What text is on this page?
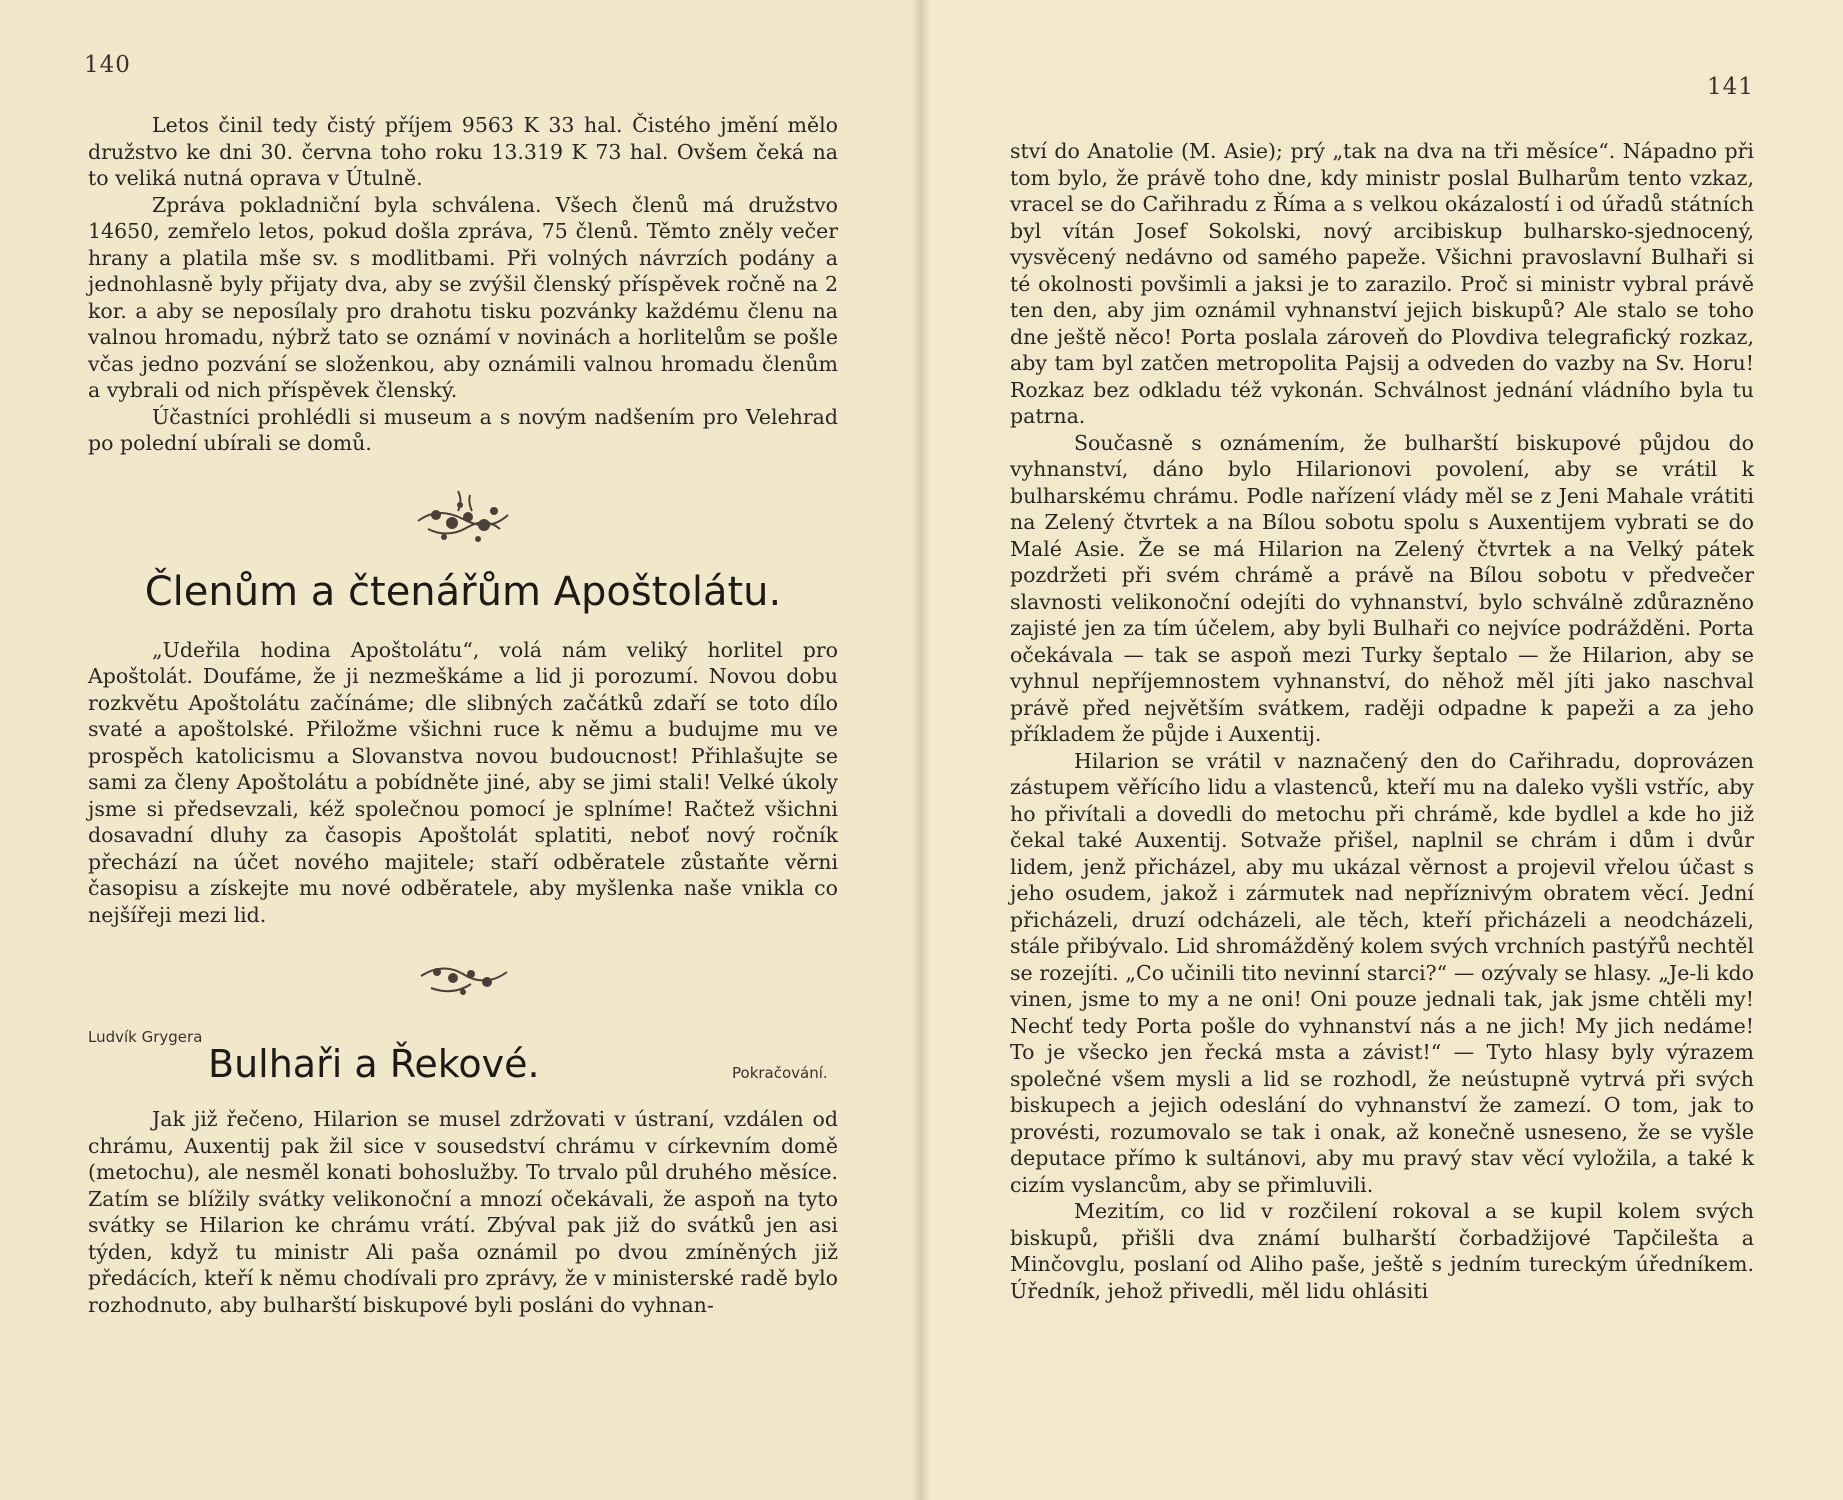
140
141

Letos činil tedy čistý příjem 9563 K 33 hal. Čistého jmění mělo družstvo ke dni 30. června toho roku 13.319 K 73 hal. Ovšem čeká na to veliká nutná oprava v Útulně.

Zpráva pokladniční byla schválena. Všech členů má družstvo 14650, zemřelo letos, pokud došla zpráva, 75 členů. Těmto zněly večer hrany a platila mše sv. s modlitbami. Při volných návrzích podány a jednohlasně byly přijaty dva, aby se zvýšil členský příspěvek ročně na 2 kor. a aby se neposílaly pro drahotu tisku pozvánky každému členu na valnou hromadu, nýbrž tato se oznámí v novinách a horlitelům se pošle včas jedno pozvání se složenkou, aby oznámili valnou hromadu členům a vybrali od nich příspěvek členský.

Účastníci prohlédli si museum a s novým nadšením pro Velehrad po polední ubírali se domů.

Členům a čtenářům Apoštolátu.

„Udeřila hodina Apoštolátu“, volá nám veliký horlitel pro Apoštolát. Doufáme, že ji nezmeškáme a lid ji porozumí. Novou dobu rozkvětu Apoštolátu začínáme; dle slibných začátků zdaří se toto dílo svaté a apoštolské. Přiložme všichni ruce k němu a budujme mu ve prospěch katolicismu a Slovanstva novou budoucnost! Přihlašujte se sami za členy Apoštolátu a pobídněte jiné, aby se jimi stali! Velké úkoly jsme si předsevzali, kéž společnou pomocí je splníme! Račtež všichni dosavadní dluhy za časopis Apoštolát splatiti, neboť nový ročník přechází na účet nového majitele; staří odběratele zůstaňte věrni časopisu a získejte mu nové odběratele, aby myšlenka naše vnikla co nejšířeji mezi lid.

Ludvík Grygera
Bulhaři a Řekové.	Pokračování.

Jak již řečeno, Hilarion se musel zdržovati v ústraní, vzdálen od chrámu, Auxentij pak žil sice v sousedství chrámu v církevním domě (metochu), ale nesměl konati bohoslužby. To trvalo půl druhého měsíce. Zatím se blížily svátky velikonoční a mnozí očekávali, že aspoň na tyto svátky se Hilarion ke chrámu vrátí. Zbýval pak již do svátků jen asi týden, když tu ministr Ali paša oznámil po dvou zmíněných již předácích, kteří k němu chodívali pro zprávy, že v ministerské radě bylo rozhodnuto, aby bulharští biskupové byli posláni do vyhnan-

ství do Anatolie (M. Asie); prý „tak na dva na tři měsíce“. Nápadno při tom bylo, že právě toho dne, kdy ministr poslal Bulharům tento vzkaz, vracel se do Cařihradu z Říma a s velkou okázalostí i od úřadů státních byl vítán Josef Sokolski, nový arcibiskup bulharsko-sjednocený, vysvěcený nedávno od samého papeže. Všichni pravoslavní Bulhaři si té okolnosti povšimli a jaksi je to zarazilo. Proč si ministr vybral právě ten den, aby jim oznámil vyhnanství jejich biskupů? Ale stalo se toho dne ještě něco! Porta poslala zároveň do Plovdiva telegrafický rozkaz, aby tam byl zatčen metropolita Pajsij a odveden do vazby na Sv. Horu! Rozkaz bez odkladu též vykonán. Schválnost jednání vládního byla tu patrna.

Současně s oznámením, že bulharští biskupové půjdou do vyhnanství, dáno bylo Hilarionovi povolení, aby se vrátil k bulharskému chrámu. Podle nařízení vlády měl se z Jeni Mahale vrátiti na Zelený čtvrtek a na Bílou sobotu spolu s Auxentijem vybrati se do Malé Asie. Že se má Hilarion na Zelený čtvrtek a na Velký pátek pozdržeti při svém chrámě a právě na Bílou sobotu v předvečer slavnosti velikonoční odejíti do vyhnanství, bylo schválně zdůrazněno zajisté jen za tím účelem, aby byli Bulhaři co nejvíce podrážděni. Porta očekávala — tak se aspoň mezi Turky šeptalo — že Hilarion, aby se vyhnul nepříjemnostem vyhnanství, do něhož měl jíti jako naschval právě před největším svátkem, raději odpadne k papeži a za jeho příkladem že půjde i Auxentij.

Hilarion se vrátil v naznačený den do Cařihradu, doprovázen zástupem věřícího lidu a vlastenců, kteří mu na daleko vyšli vstříc, aby ho přivítali a dovedli do metochu při chrámě, kde bydlel a kde ho již čekal také Auxentij. Sotvaže přišel, naplnil se chrám i dům i dvůr lidem, jenž přicházel, aby mu ukázal věrnost a projevil vřelou účast s jeho osudem, jakož i zármutek nad nepříznivým obratem věcí. Jední přicházeli, druzí odcházeli, ale těch, kteří přicházeli a neodcházeli, stále přibývalo. Lid shromážděný kolem svých vrchních pastýřů nechtěl se rozejíti. „Co učinili tito nevinní starci?“ — ozývaly se hlasy. „Je-li kdo vinen, jsme to my a ne oni! Oni pouze jednali tak, jak jsme chtěli my! Nechť tedy Porta pošle do vyhnanství nás a ne jich! My jich nedáme! To je všecko jen řecká msta a závist!“ — Tyto hlasy byly výrazem společné všem mysli a lid se rozhodl, že neústupně vytrvá při svých biskupech a jejich odeslání do vyhnanství že zamezí. O tom, jak to provésti, rozumovalo se tak i onak, až konečně usneseno, že se vyšle deputace přímo k sultánovi, aby mu pravý stav věcí vyložila, a také k cizím vyslancům, aby se přimluvili.

Mezitím, co lid v rozčilení rokoval a se kupil kolem svých biskupů, přišli dva známí bulharští čorbadžijové Tapčilešta a Minčovglu, poslaní od Aliho paše, ještě s jedním tureckým úředníkem. Úředník, jehož přivedli, měl lidu ohlásiti
